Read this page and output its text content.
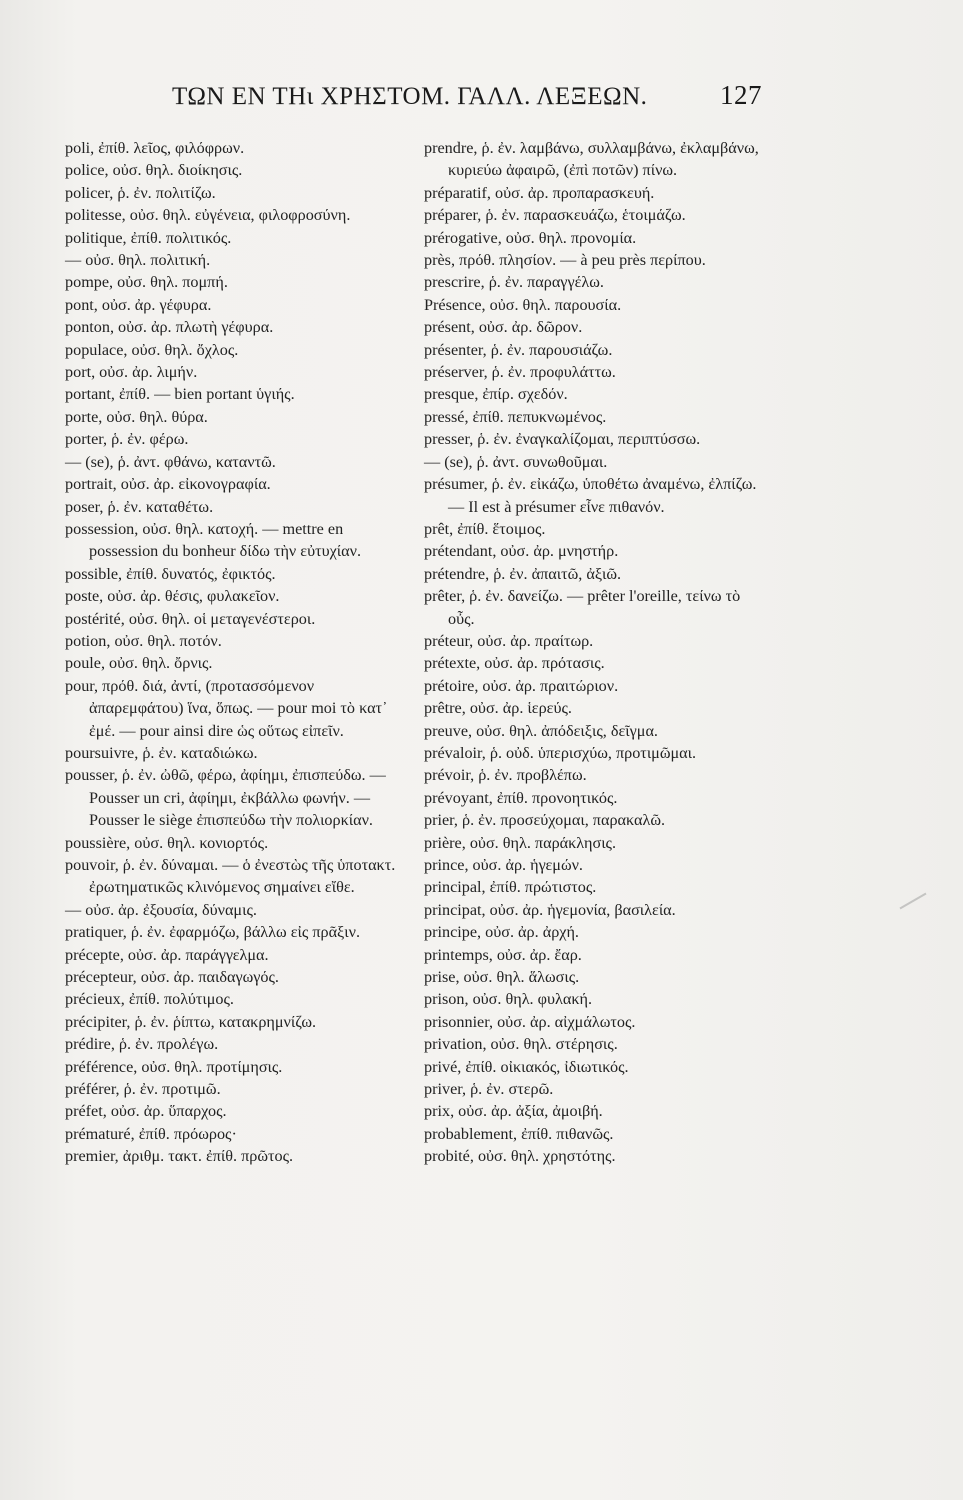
ΤΩΝ ΕΝ ΤΗι ΧΡΗΣΤΟΜ. ΓΑΛΛ. ΛΕΞΕΩΝ.	127
poli, ἐπίθ. λεῖος, φιλόφρων.
police, οὐσ. θηλ. διοίκησις.
policer, ῥ. ἐν. πολιτίζω.
politesse, οὐσ. θηλ. εὐγένεια, φιλοφροσύνη.
politique, ἐπίθ. πολιτικός.
— οὐσ. θηλ. πολιτική.
pompe, οὐσ. θηλ. πομπή.
pont, οὐσ. ἀρ. γέφυρα.
ponton, οὐσ. ἀρ. πλωτὴ γέφυρα.
populace, οὐσ. θηλ. ὄχλος.
port, οὐσ. ἀρ. λιμήν.
portant, ἐπίθ. — bien portant ὑγιής.
porte, οὐσ. θηλ. θύρα.
porter, ῥ. ἐν. φέρω.
— (se), ῥ. ἀντ. φθάνω, καταντῶ.
portrait, οὐσ. ἀρ. εἰκονογραφία.
poser, ῥ. ἐν. καταθέτω.
possession, οὐσ. θηλ. κατοχή. — mettre en possession du bonheur δίδω τὴν εὐτυχίαν.
possible, ἐπίθ. δυνατός, ἐφικτός.
poste, οὐσ. ἀρ. θέσις, φυλακεῖον.
postérité, οὐσ. θηλ. οἱ μεταγενέστεροι.
potion, οὐσ. θηλ. ποτόν.
poule, οὐσ. θηλ. ὄρνις.
pour, πρόθ. διά, ἀντί, (προτασσόμενον ἀπαρεμφάτου) ἵνα, ὅπως. — pour moi τὸ κατ᾽ ἐμέ. — pour ainsi dire ὡς οὕτως εἰπεῖν.
poursuivre, ῥ. ἐν. καταδιώκω.
pousser, ῥ. ἐν. ὠθῶ, φέρω, ἀφίημι, ἐπισπεύδω. — Pousser un cri, ἀφίημι, ἐκβάλλω φωνήν. — Pousser le siège ἐπισπεύδω τὴν πολιορκίαν.
poussière, οὐσ. θηλ. κονιορτός.
pouvoir, ῥ. ἐν. δύναμαι. — ὁ ἐνεστὼς τῆς ὑποτακτ. ἐρωτηματικῶς κλινόμενος σημαίνει εἴθε.
— οὐσ. ἀρ. ἐξουσία, δύναμις.
pratiquer, ῥ. ἐν. ἐφαρμόζω, βάλλω εἰς πρᾶξιν.
précepte, οὐσ. ἀρ. παράγγελμα.
précepteur, οὐσ. ἀρ. παιδαγωγός.
précieux, ἐπίθ. πολύτιμος.
précipiter, ῥ. ἐν. ῥίπτω, κατακρημνίζω.
prédire, ῥ. ἐν. προλέγω.
préférence, οὐσ. θηλ. προτίμησις.
préférer, ῥ. ἐν. προτιμῶ.
préfet, οὐσ. ἀρ. ὕπαρχος.
prématuré, ἐπίθ. πρόωρος·
premier, ἀριθμ. τακτ. ἐπίθ. πρῶτος.
prendre, ῥ. ἐν. λαμβάνω, συλλαμβάνω, ἐκλαμβάνω, κυριεύω ἀφαιρῶ, (ἐπὶ ποτῶν) πίνω.
préparatif, οὐσ. ἀρ. προπαρασκευή.
préparer, ῥ. ἐν. παρασκευάζω, ἑτοιμάζω.
prérogative, οὐσ. θηλ. προνομία.
près, πρόθ. πλησίον. — à peu près περίπου.
prescrire, ῥ. ἐν. παραγγέλω.
Présence, οὐσ. θηλ. παρουσία.
présent, οὐσ. ἀρ. δῶρον.
présenter, ῥ. ἐν. παρουσιάζω.
préserver, ῥ. ἐν. προφυλάττω.
presque, ἐπίρ. σχεδόν.
pressé, ἐπίθ. πεπυκνωμένος.
presser, ῥ. ἐν. ἐναγκαλίζομαι, περιπτύσσω.
— (se), ῥ. ἀντ. συνωθοῦμαι.
présumer, ῥ. ἐν. εἰκάζω, ὑποθέτω ἀναμένω, ἐλπίζω. — Il est à présumer εἶνε πιθανόν.
prêt, ἐπίθ. ἕτοιμος.
prétendant, οὐσ. ἀρ. μνηστήρ.
prétendre, ῥ. ἐν. ἀπαιτῶ, ἀξιῶ.
prêter, ῥ. ἐν. δανείζω. — prêter l'oreille, τείνω τὸ οὖς.
préteur, οὐσ. ἀρ. πραίτωρ.
prétexte, οὐσ. ἀρ. πρότασις.
prétoire, οὐσ. ἀρ. πραιτώριον.
prêtre, οὐσ. ἀρ. ἱερεύς.
preuve, οὐσ. θηλ. ἀπόδειξις, δεῖγμα.
prévaloir, ῥ. οὐδ. ὑπερισχύω, προτιμῶμαι.
prévoir, ῥ. ἐν. προβλέπω.
prévoyant, ἐπίθ. προνοητικός.
prier, ῥ. ἐν. προσεύχομαι, παρακαλῶ.
prière, οὐσ. θηλ. παράκλησις.
prince, οὐσ. ἀρ. ἡγεμών.
principal, ἐπίθ. πρώτιστος.
principat, οὐσ. ἀρ. ἡγεμονία, βασιλεία.
principe, οὐσ. ἀρ. ἀρχή.
printemps, οὐσ. ἀρ. ἔαρ.
prise, οὐσ. θηλ. ἅλωσις.
prison, οὐσ. θηλ. φυλακή.
prisonnier, οὐσ. ἀρ. αἰχμάλωτος.
privation, οὐσ. θηλ. στέρησις.
privé, ἐπίθ. οἰκιακός, ἰδιωτικός.
priver, ῥ. ἐν. στερῶ.
prix, οὐσ. ἀρ. ἀξία, ἀμοιβή.
probablement, ἐπίθ. πιθανῶς.
probité, οὐσ. θηλ. χρηστότης.
